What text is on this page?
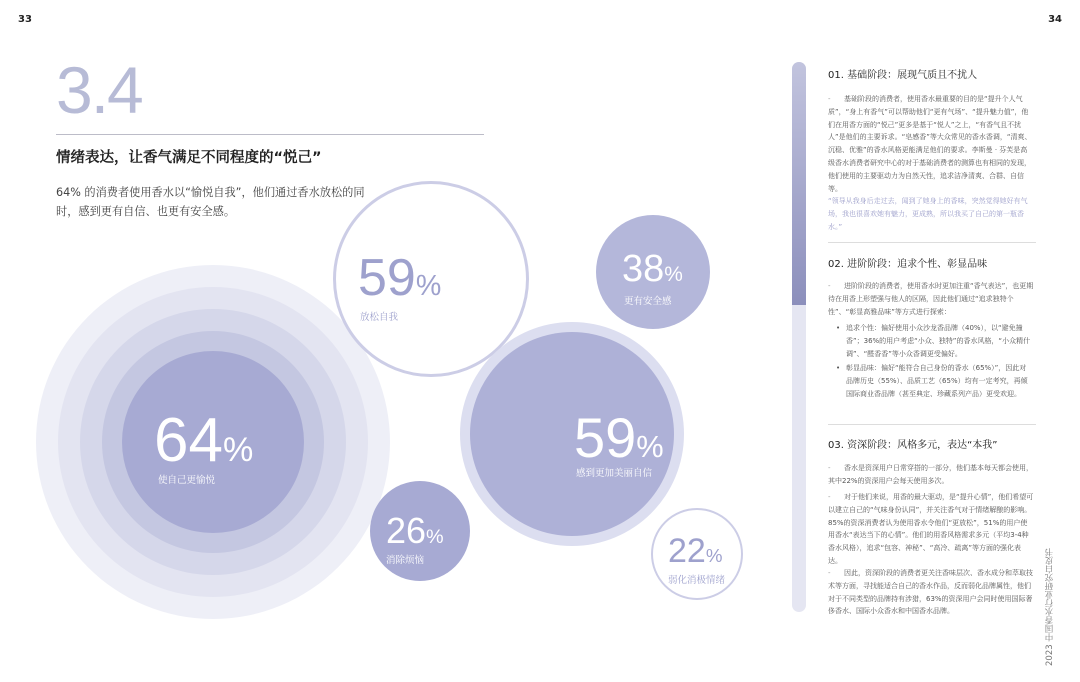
33	34
3.4
情绪表达，让香气满足不同程度的“悦己”
64% 的消费者使用香水以“愉悦自我”，他们通过香水放松的同时，感到更有自信、也更有安全感。
64%
使自己更愉悦
59%
放松自我
38%
更有安全感
59%
感到更加美丽自信
26%
消除烦恼	22%
弱化消极情绪
01. 基础阶段：展现气质且不扰人
- 基础阶段的消费者，使用香水最重要的目的是“提升个人气质”，“身上有香气”可以帮助他们“更有气场”、“提升魅力值”，他们在用香方面的“悦己”更多是基于“悦人”之上，“有香气且不扰人”是他们的主要诉求。“皂感香”等大众常见的香水香调，“清爽、沉稳、优雅”的香水风格更能满足他们的要求。李斯曼 · 芬芙是高级香水消费者研究中心的对于基础消费者的测算也有相同的发现，他们使用的主要驱动力为自然天性，追求洁净清爽、合群、自信等。
“领导从我身后走过去，闻到了她身上的香味，突然觉得她好有气场，我也很喜欢她有魅力，更成熟，所以我买了自己的第一瓶香水。”
02. 进阶阶段：追求个性、彰显品味
- 进阶阶段的消费者，使用香水时更加注重“香气表达”，也更期待在用香上形塑强与他人的区隔，因此他们通过“追求独特个性”、“彰显高雅品味”等方式进行探索：
• 追求个性：偏好使用小众沙龙香品牌（40%），以“避免撞香”；36%的用户考虑“小众、独特”的香水风格，“小众精什调”、“醛香香”等小众香调更受偏好。
• 彰显品味：偏好“能符合自己身份的香水（65%）”，因此对品牌历史（55%）、品质工艺（65%）均有一定考究，再倾国际商业香品牌（甚至典定、珍藏系列产品）更受欢迎。
03. 资深阶段：风格多元，表达“本我”
- 香水是资深用户日常穿搭的一部分，他们基本每天都会使用，其中22%的资深用户会每天使用多次。
- 对于他们来说，用香的最大驱动，是“提升心情”，他们希望可以建立自己的“气味身份认同”，并关注香气对于情绪解酿的影响。85%的资深消费者认为使用香水令他们“更放松”，51%的用户使用香水“表达当下的心情”。他们的用香风格需求多元（平均3-4种香水风格），追求“包容、神秘”、“高冷、疏离”等方面的强化表达。
- 因此，资深阶段的消费者更关注香味层次、香水成分和萃取技术等方面，寻找能适合自己的香水作品，反而弱化品牌属性，他们对于不同类型的品牌持有涉猎，63%的资深用户会同时使用国际奢侈香水、国际小众香水和中国香水品牌。	2023 中国香水行业研究白皮书
